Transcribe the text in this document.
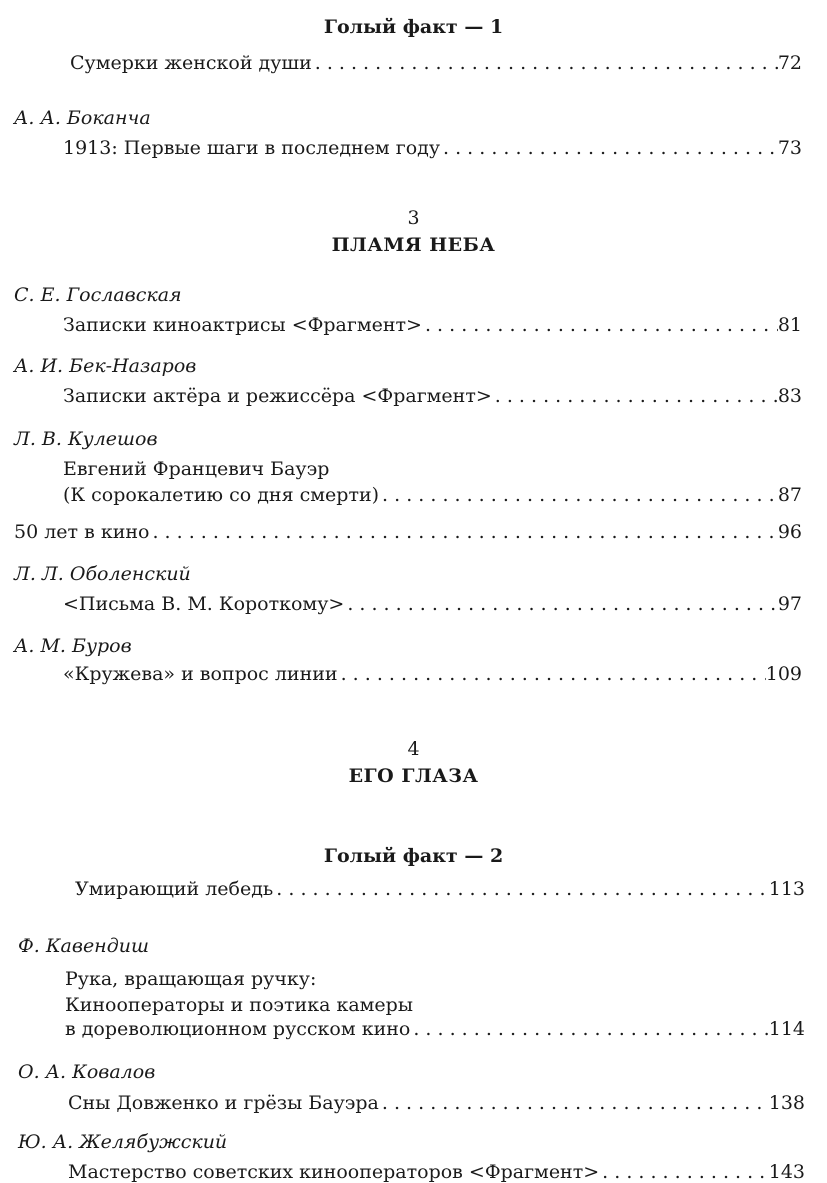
Голый факт — 1
Сумерки женской души . . .	72
А. А. Боканча
1913: Первые шаги в последнем году . . .	73
3
ПЛАМЯ НЕБА
С. Е. Гославская
Записки киноактрисы <Фрагмент> . . .	81
А. И. Бек-Назаров
Записки актёра и режиссёра <Фрагмент> . . .	83
Л. В. Кулешов
Евгений Францевич Бауэр
(К сорокалетию со дня смерти) . . .	87
50 лет в кино . . .	96
Л. Л. Оболенский
<Письма В. М. Короткому> . . .	97
А. М. Буров
«Кружева» и вопрос линии . . .	109
4
ЕГО ГЛАЗА
Голый факт — 2
Умирающий лебедь . . .	113
Ф. Кавендиш
Рука, вращающая ручку:
Кинооператоры и поэтика камеры
в дореволюционном русском кино . . .	114
О. А. Ковалов
Сны Довженко и грёзы Бауэра . . .	138
Ю. А. Желябужский
Мастерство советских кинооператоров <Фрагмент> . . .	143
